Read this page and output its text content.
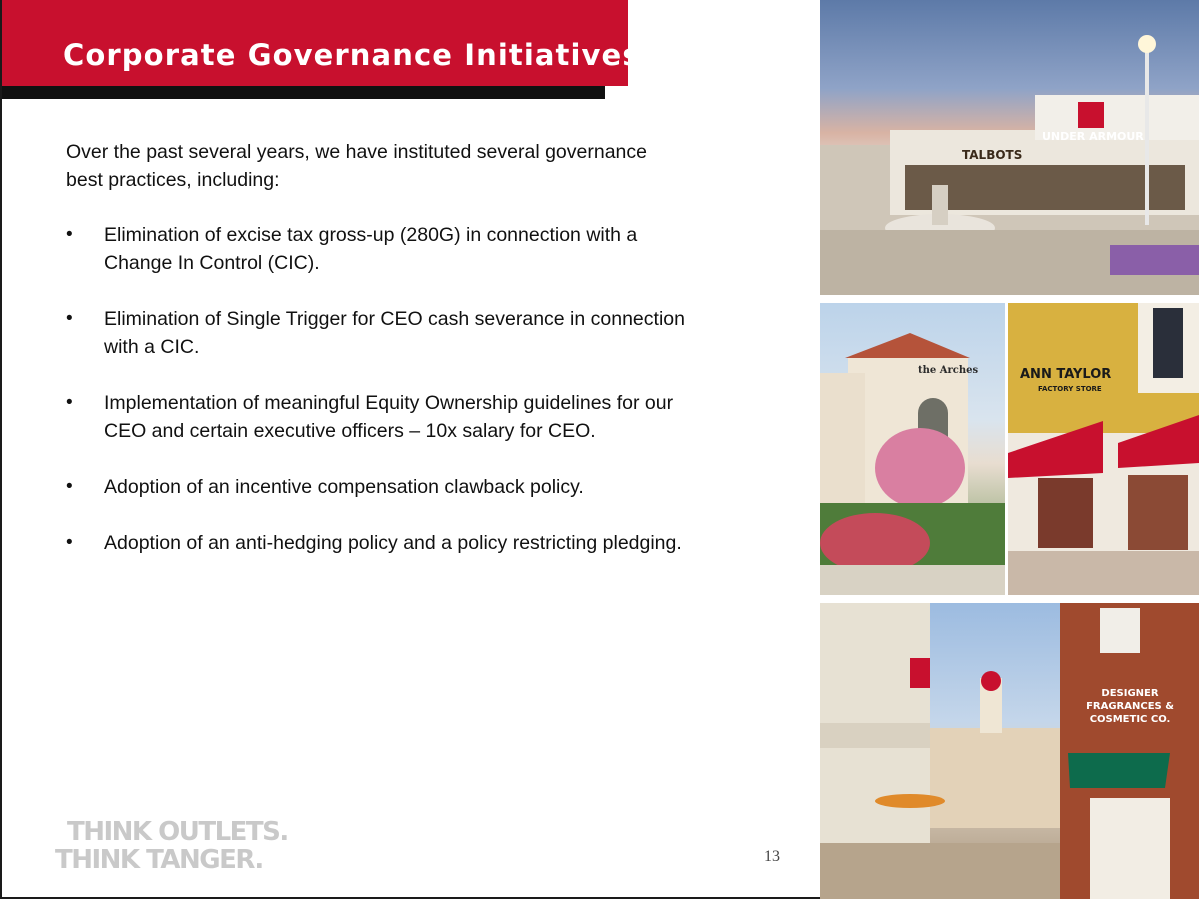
Corporate Governance Initiatives

Over the past several years, we have instituted several governance best practices, including:

•	Elimination of excise tax gross-up (280G) in connection with a Change In Control (CIC).
•	Elimination of Single Trigger for CEO cash severance in connection with a CIC.
•	Implementation of meaningful Equity Ownership guidelines for our CEO and certain executive officers – 10x salary for CEO.
•	Adoption of an incentive compensation clawback policy.
•	Adoption of an anti-hedging policy and a policy restricting pledging.
THINK OUTLETS.
THINK TANGER.	13
TALBOTS
UNDER ARMOUR
the Arches	ANN TAYLOR
FACTORY STORE
DESIGNER FRAGRANCES & COSMETIC CO.
